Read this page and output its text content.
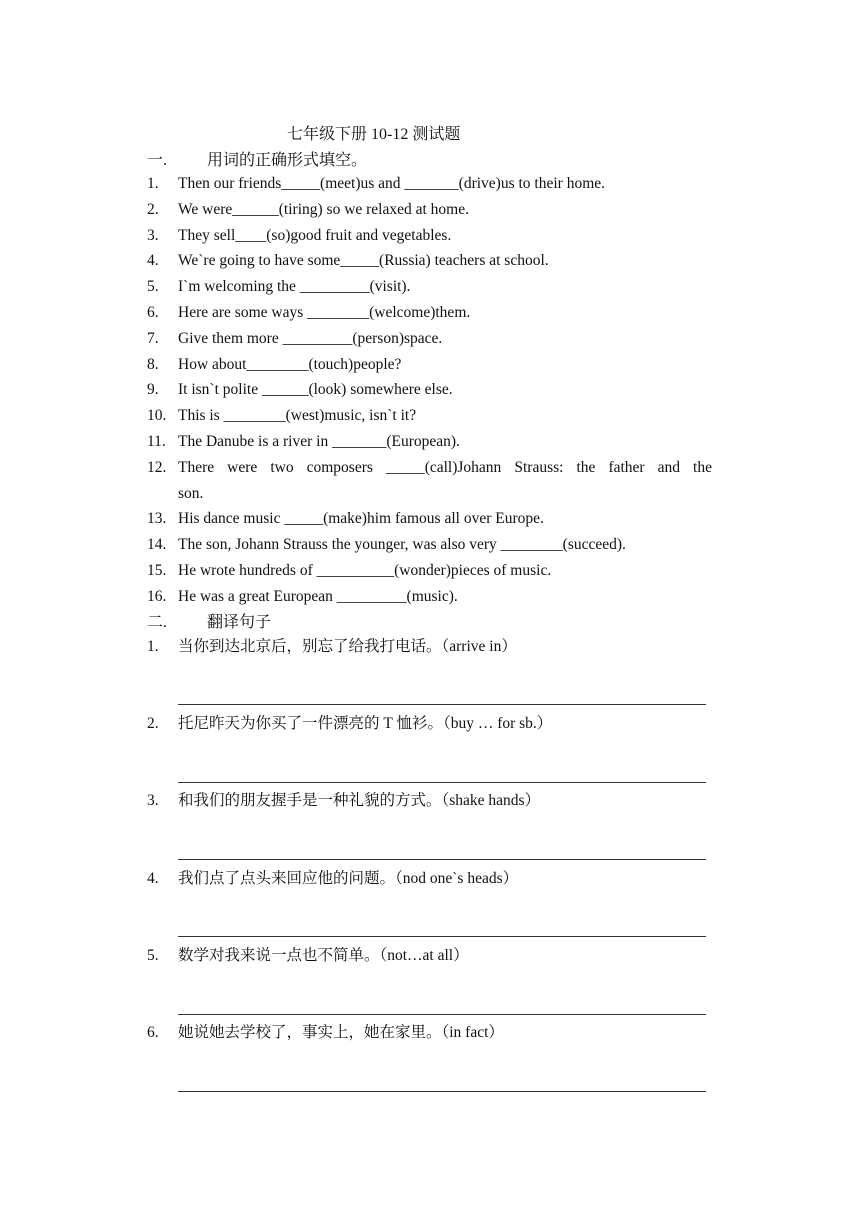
七年级下册 10-12 测试题
一. 用词的正确形式填空。
1. Then our friends_____(meet)us and _______(drive)us to their home.
2. We were______(tiring) so we relaxed at home.
3. They sell____(so)good fruit and vegetables.
4. We`re going to have some_____(Russia) teachers at school.
5. I`m welcoming the _________(visit).
6. Here are some ways ________(welcome)them.
7. Give them more _________(person)space.
8. How about________(touch)people?
9. It isn`t polite ______(look) somewhere else.
10. This is ________(west)music, isn`t it?
11. The Danube is a river in _______(European).
12. There were two composers _____(call)Johann Strauss: the father and the
son.
13. His dance music _____(make)him famous all over Europe.
14. The son, Johann Strauss the younger, was also very ________(succeed).
15. He wrote hundreds of __________(wonder)pieces of music.
16. He was a great European _________(music).
二. 翻译句子
1. 当你到达北京后，别忘了给我打电话。（arrive in）
2. 托尼昨天为你买了一件漂亮的 T 恤衫。（buy … for sb.）
3. 和我们的朋友握手是一种礼貌的方式。（shake hands）
4. 我们点了点头来回应他的问题。（nod one`s heads）
5. 数学对我来说一点也不简单。（not…at all）
6. 她说她去学校了，事实上，她在家里。（in fact）
